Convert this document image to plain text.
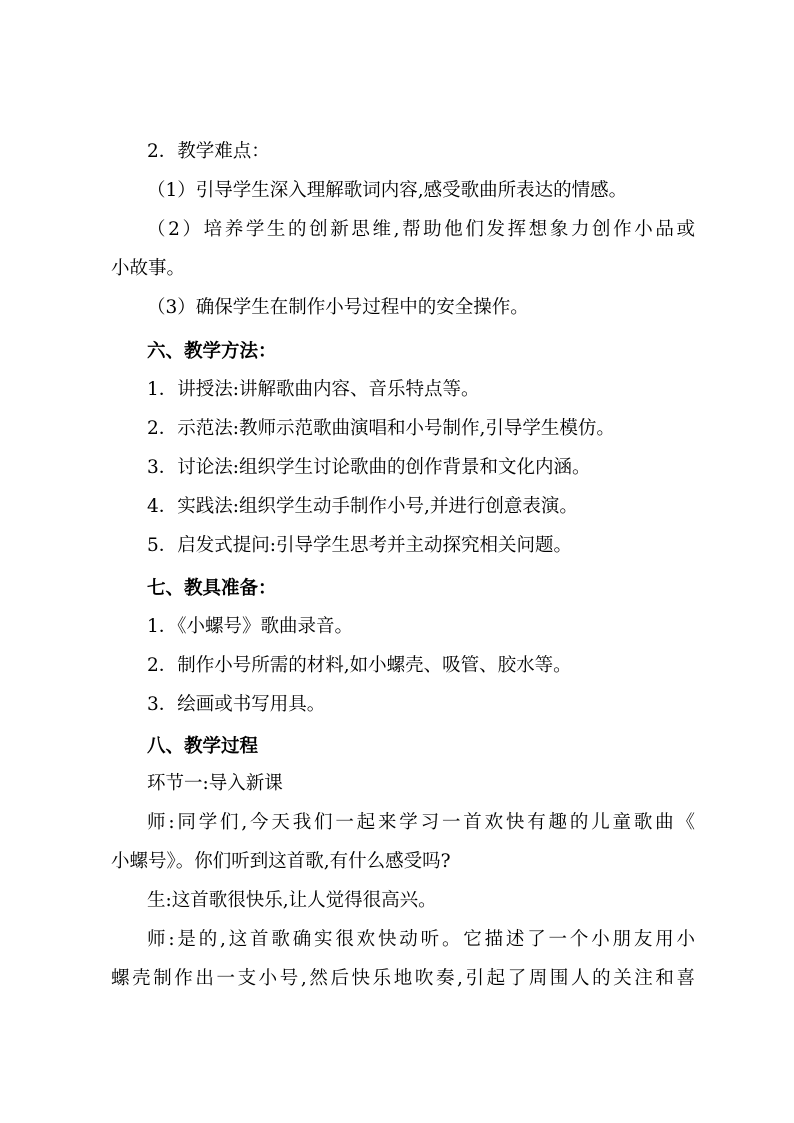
2．教学难点：
（1）引导学生深入理解歌词内容,感受歌曲所表达的情感。
（2）培养学生的创新思维,帮助他们发挥想象力创作小品或
小故事。
（3）确保学生在制作小号过程中的安全操作。
六、教学方法：
1．讲授法:讲解歌曲内容、音乐特点等。
2．示范法:教师示范歌曲演唱和小号制作,引导学生模仿。
3．讨论法:组织学生讨论歌曲的创作背景和文化内涵。
4．实践法:组织学生动手制作小号,并进行创意表演。
5．启发式提问:引导学生思考并主动探究相关问题。
七、教具准备：
1．《小螺号》歌曲录音。
2．制作小号所需的材料,如小螺壳、吸管、胶水等。
3．绘画或书写用具。
八、教学过程
环节一:导入新课
师:同学们,今天我们一起来学习一首欢快有趣的儿童歌曲《
小螺号》。你们听到这首歌,有什么感受吗?
生:这首歌很快乐,让人觉得很高兴。
师:是的,这首歌确实很欢快动听。它描述了一个小朋友用小
螺壳制作出一支小号,然后快乐地吹奏,引起了周围人的关注和喜
